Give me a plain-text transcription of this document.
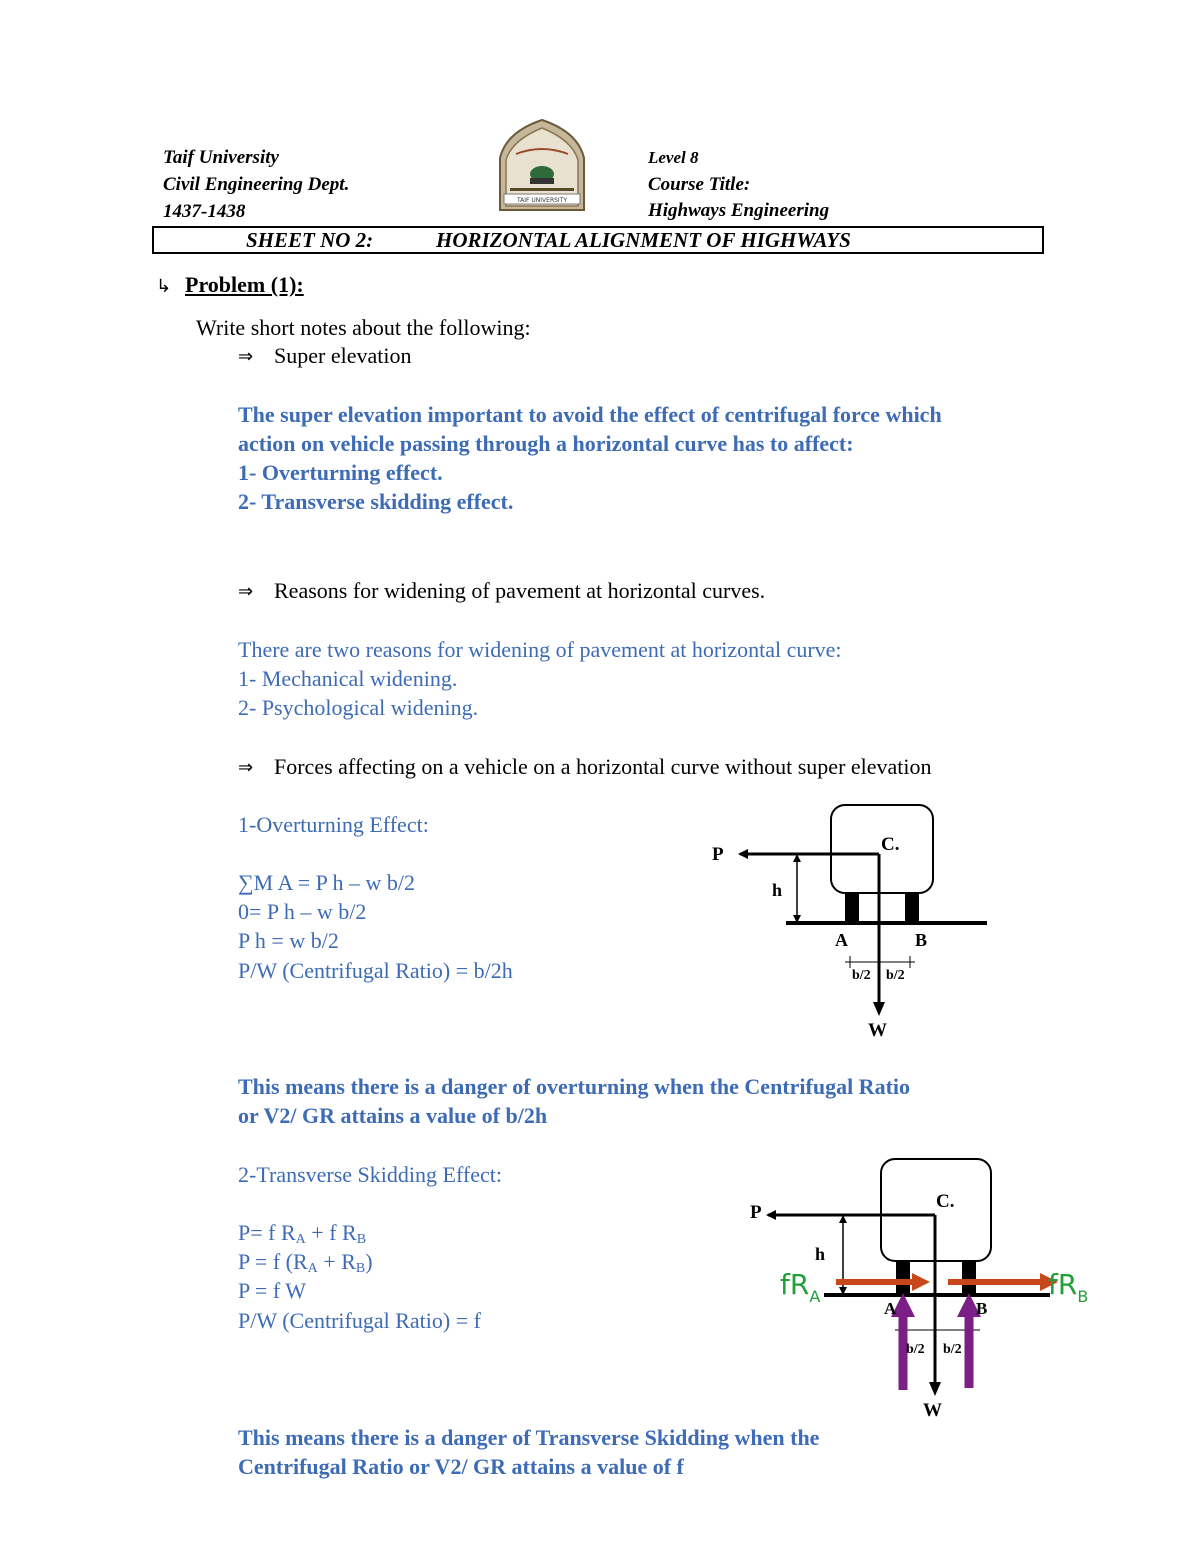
Taif University
Civil Engineering Dept.
1437-1438
Level 8
Course Title:
Highways Engineering
TAIF UNIVERSITY
SHEET NO 2:	HORIZONTAL ALIGNMENT OF HIGHWAYS
↳ Problem (1):
Write short notes about the following:
⇒ Super elevation
The super elevation important to avoid the effect of centrifugal force which
action on vehicle passing through a horizontal curve has to affect:
1- Overturning effect.
2- Transverse skidding effect.
⇒ Reasons for widening of pavement at horizontal curves.
There are two reasons for widening of pavement at horizontal curve:
1- Mechanical widening.
2- Psychological widening.
⇒ Forces affecting on a vehicle on a horizontal curve without super elevation
1-Overturning Effect:
∑M A = P h – w b/2
0= P h – w b/2
P h = w b/2
P/W (Centrifugal Ratio) = b/2h
This means there is a danger of overturning when the Centrifugal Ratio
or V2/ GR attains a value of b/2h
P	C.
h
A	B
b/2 b/2
W
2-Transverse Skidding Effect:
P= f $R_A + f$ $R_B$
P = f $(R_A + R_B)$
P = f W
P/W (Centrifugal Ratio) = f
This means there is a danger of Transverse Skidding when the
Centrifugal Ratio or V2/ GR attains a value of f
P
C.
h
A	B
b/2 b/2
W
$fR_A$	$fR_B$
